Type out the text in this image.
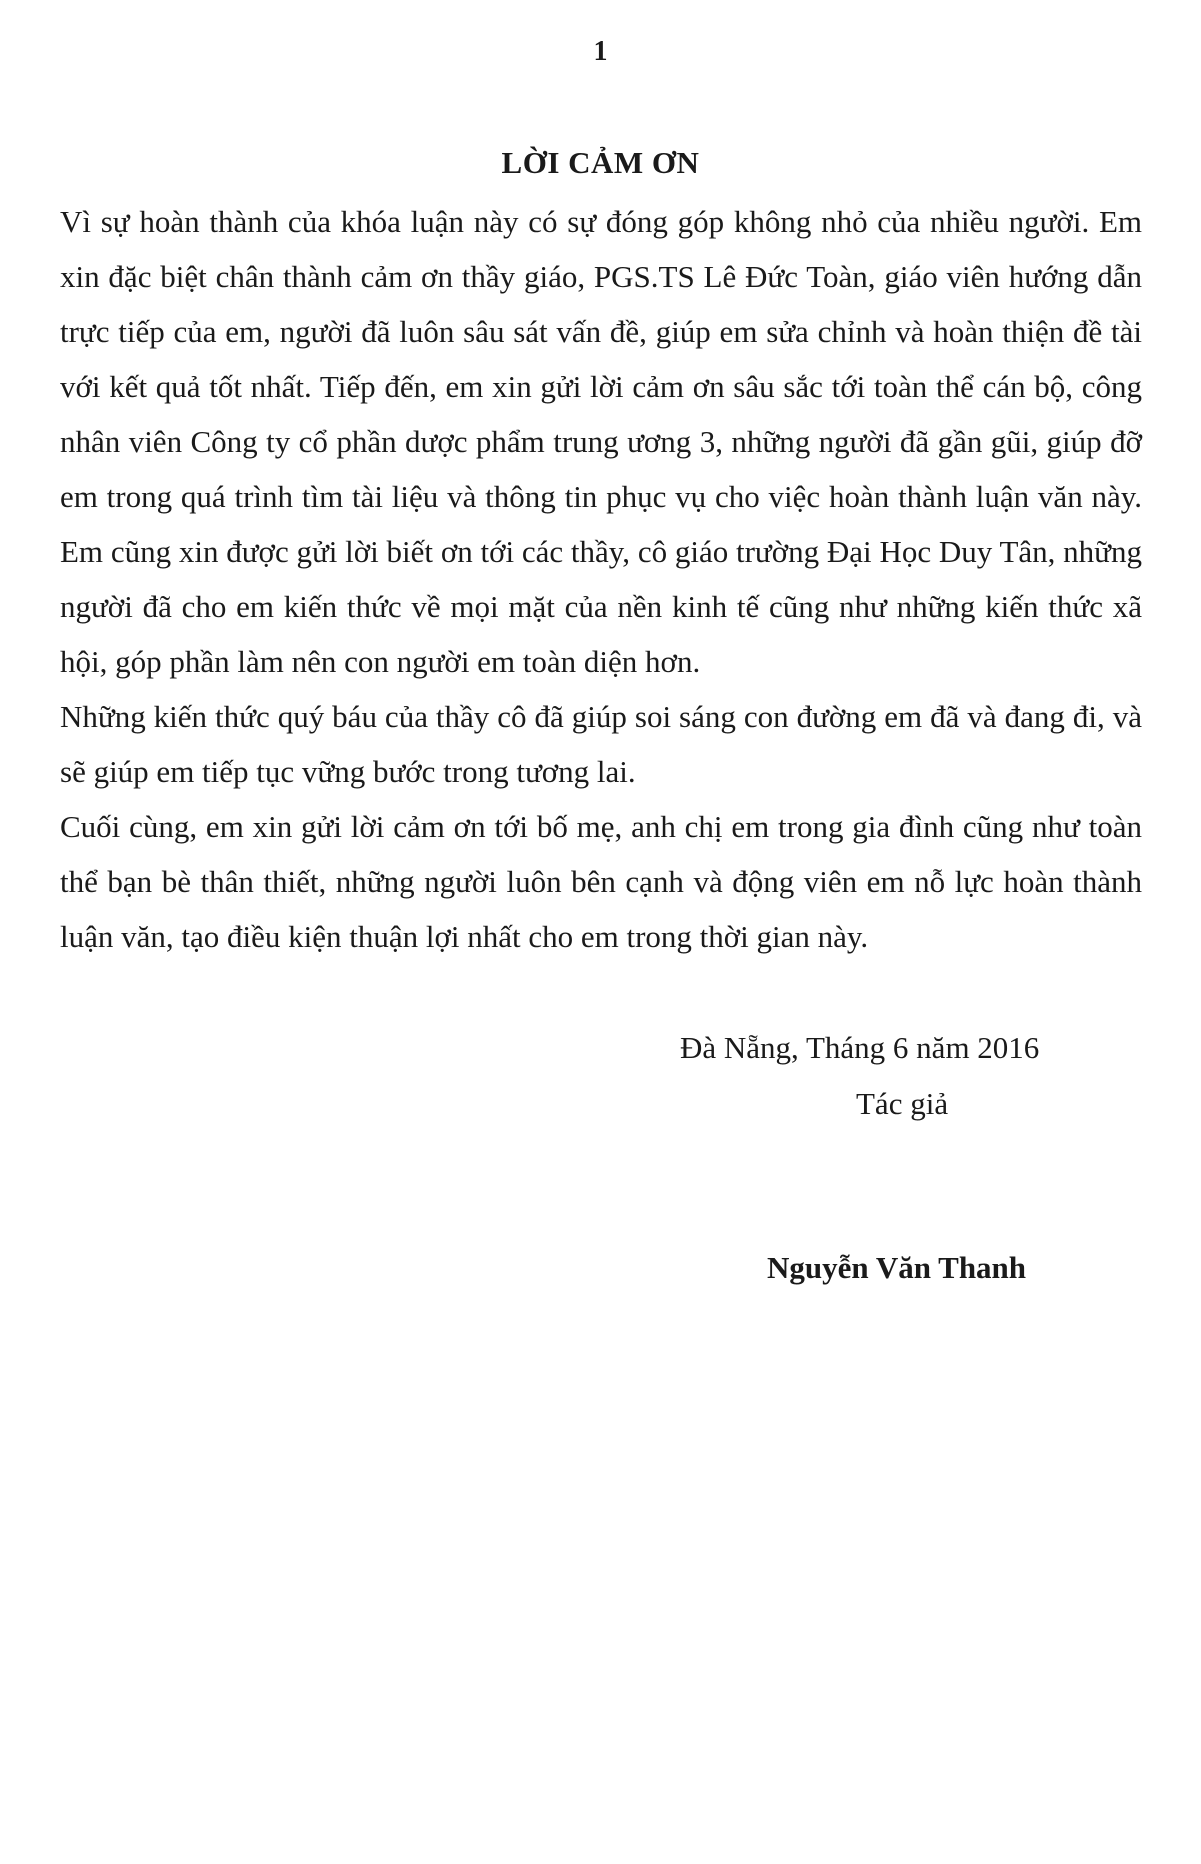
1
LỜI CẢM ƠN

Vì sự hoàn thành của khóa luận này có sự đóng góp không nhỏ của nhiều người. Em xin đặc biệt chân thành cảm ơn thầy giáo, PGS.TS Lê Đức Toàn, giáo viên hướng dẫn trực tiếp của em, người đã luôn sâu sát vấn đề, giúp em sửa chỉnh và hoàn thiện đề tài với kết quả tốt nhất. Tiếp đến, em xin gửi lời cảm ơn sâu sắc tới toàn thể cán bộ, công nhân viên Công ty cổ phần dược phẩm trung ương 3, những người đã gần gũi, giúp đỡ em trong quá trình tìm tài liệu và thông tin phục vụ cho việc hoàn thành luận văn này. Em cũng xin được gửi lời biết ơn tới các thầy, cô giáo trường Đại Học Duy Tân, những người đã cho em kiến thức về mọi mặt của nền kinh tế cũng như những kiến thức xã hội, góp phần làm nên con người em toàn diện hơn.

Những kiến thức quý báu của thầy cô đã giúp soi sáng con đường em đã và đang đi, và sẽ giúp em tiếp tục vững bước trong tương lai.

Cuối cùng, em xin gửi lời cảm ơn tới bố mẹ, anh chị em trong gia đình cũng như toàn thể bạn bè thân thiết, những người luôn bên cạnh và động viên em nỗ lực hoàn thành luận văn, tạo điều kiện thuận lợi nhất cho em trong thời gian này.

Đà Nẵng, Tháng 6 năm 2016
Tác giả
Nguyễn Văn Thanh
